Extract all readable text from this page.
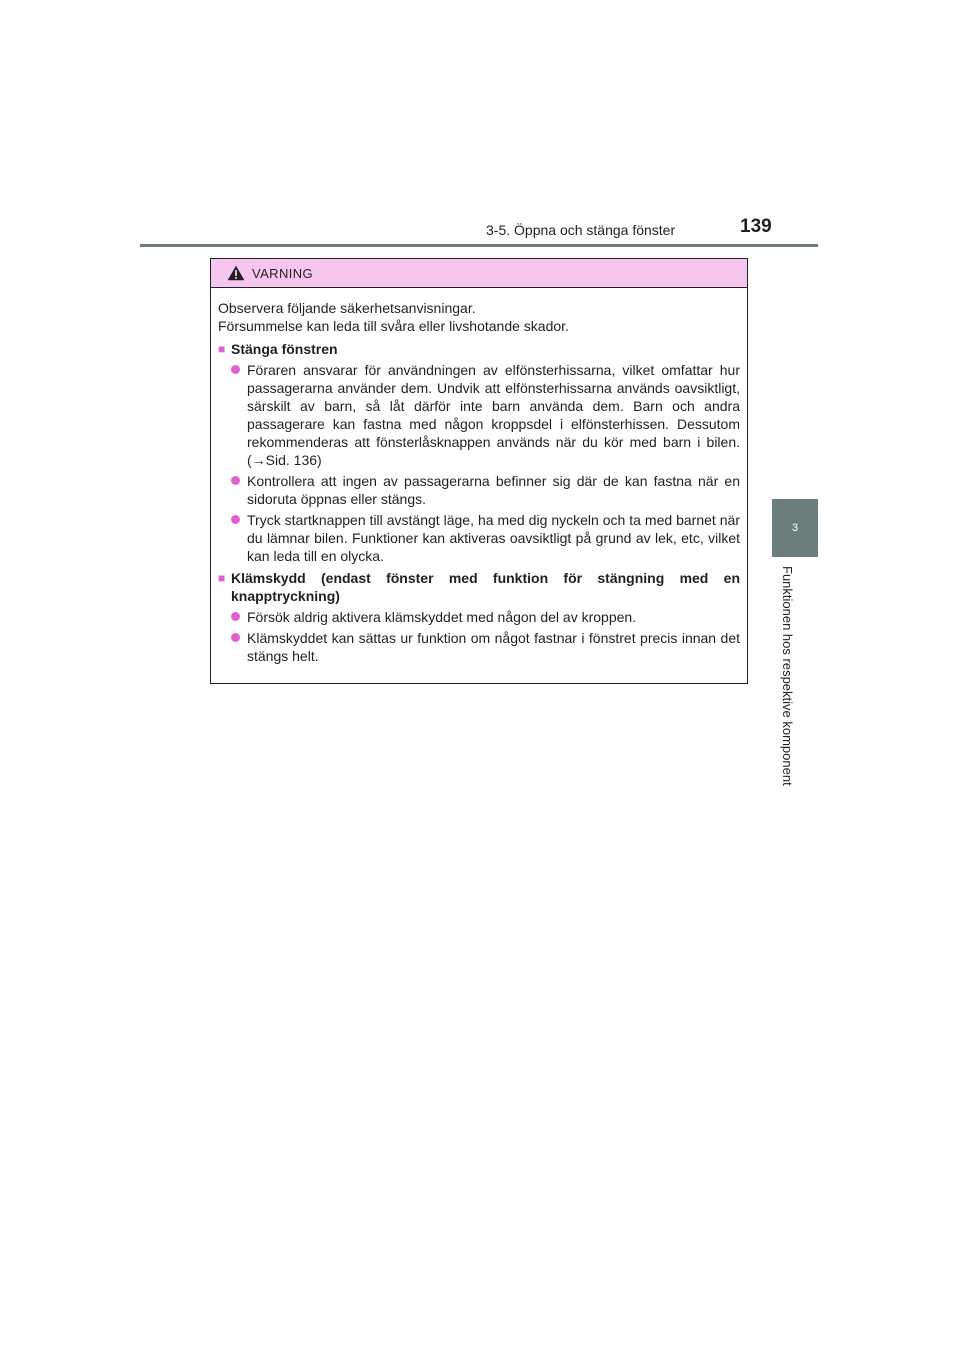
3-5. Öppna och stänga fönster	139
3
Funktionen hos respektive komponent
VARNING
Observera följande säkerhetsanvisningar.
Försummelse kan leda till svåra eller livshotande skador.
■ Stänga fönstren
Föraren ansvarar för användningen av elfönsterhissarna, vilket omfattar hur passagerarna använder dem. Undvik att elfönsterhissarna används oavsiktligt, särskilt av barn, så låt därför inte barn använda dem. Barn och andra passagerare kan fastna med någon kroppsdel i elfönsterhissen. Dessutom rekommenderas att fönsterlåsknappen används när du kör med barn i bilen. (→Sid. 136)
Kontrollera att ingen av passagerarna befinner sig där de kan fastna när en sidoruta öppnas eller stängs.
Tryck startknappen till avstängt läge, ha med dig nyckeln och ta med barnet när du lämnar bilen. Funktioner kan aktiveras oavsiktligt på grund av lek, etc, vilket kan leda till en olycka.
■ Klämskydd (endast fönster med funktion för stängning med en knapptryckning)
Försök aldrig aktivera klämskyddet med någon del av kroppen.
Klämskyddet kan sättas ur funktion om något fastnar i fönstret precis innan det stängs helt.
